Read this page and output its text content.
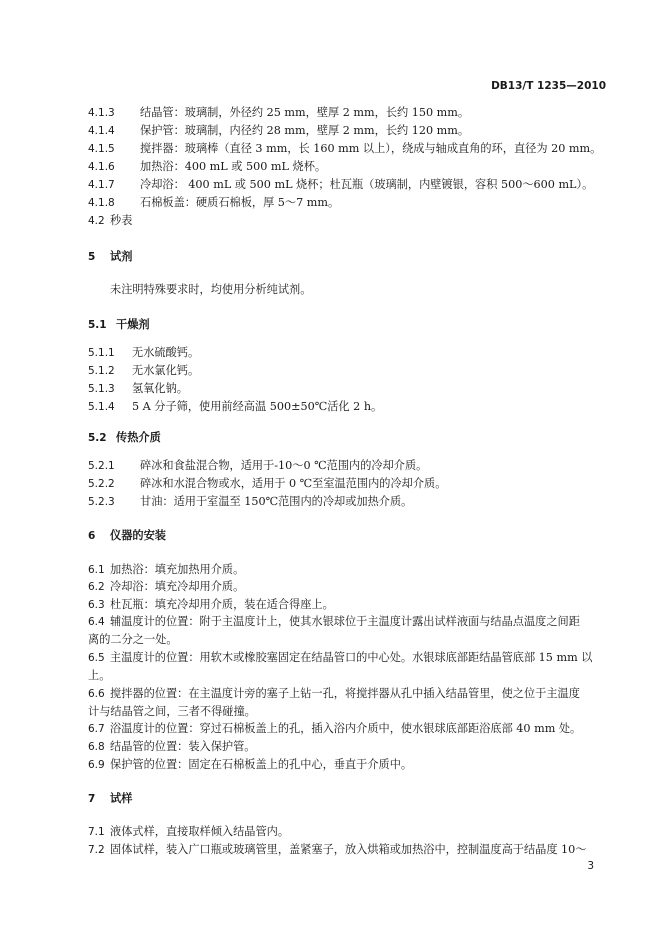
DB13/T 1235—2010
4.1.3 结晶管：玻璃制，外径约 25 mm，壁厚 2 mm，长约 150 mm。
4.1.4 保护管：玻璃制，内径约 28 mm，壁厚 2 mm，长约 120 mm。
4.1.5 搅拌器：玻璃棒（直径 3 mm，长 160 mm 以上），绕成与轴成直角的环，直径为 20 mm。
4.1.6 加热浴：400 mL 或 500 mL 烧杯。
4.1.7 冷却浴： 400 mL 或 500 mL 烧杯；杜瓦瓶（玻璃制，内壁镀银，容积 500～600 mL）。
4.1.8 石棉板盖：硬质石棉板，厚 5～7 mm。
4.2 秒表
5 试剂
未注明特殊要求时，均使用分析纯试剂。
5.1 干燥剂
5.1.1 无水硫酸钙。
5.1.2 无水氯化钙。
5.1.3 氢氧化钠。
5.1.4 5 A 分子筛，使用前经高温 500±50℃活化 2 h。
5.2 传热介质
5.2.1 碎冰和食盐混合物，适用于-10～0 ℃范围内的冷却介质。
5.2.2 碎冰和水混合物或水，适用于 0 ℃至室温范围内的冷却介质。
5.2.3 甘油：适用于室温至 150℃范围内的冷却或加热介质。
6 仪器的安装
6.1 加热浴：填充加热用介质。
6.2 冷却浴：填充冷却用介质。
6.3 杜瓦瓶：填充冷却用介质，装在适合得座上。
6.4 辅温度计的位置：附于主温度计上，使其水银球位于主温度计露出试样液面与结晶点温度之间距
离的二分之一处。
6.5 主温度计的位置：用软木或橡胶塞固定在结晶管口的中心处。水银球底部距结晶管底部 15 mm 以
上。
6.6 搅拌器的位置：在主温度计旁的塞子上钻一孔，将搅拌器从孔中插入结晶管里，使之位于主温度
计与结晶管之间，三者不得碰撞。
6.7 浴温度计的位置：穿过石棉板盖上的孔，插入浴内介质中，使水银球底部距浴底部 40 mm 处。
6.8 结晶管的位置：装入保护管。
6.9 保护管的位置：固定在石棉板盖上的孔中心，垂直于介质中。
7 试样
7.1 液体式样，直接取样倾入结晶管内。
7.2 固体试样，装入广口瓶或玻璃管里，盖紧塞子，放入烘箱或加热浴中，控制温度高于结晶度 10～
3
